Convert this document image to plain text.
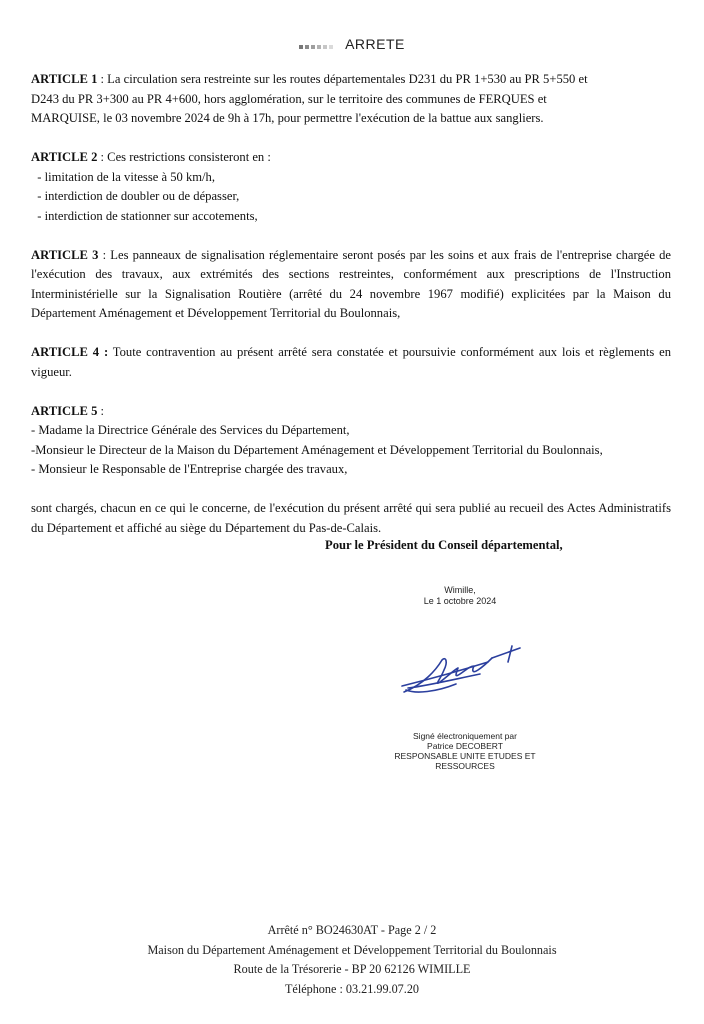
ARRETE

ARTICLE 1 : La circulation sera restreinte sur les routes départementales D231 du PR 1+530 au PR 5+550 et
D243 du PR 3+300 au PR 4+600, hors agglomération, sur le territoire des communes de FERQUES et
MARQUISE, le 03 novembre 2024 de 9h à 17h, pour permettre l'exécution de la battue aux sangliers.

ARTICLE 2 : Ces restrictions consisteront en :
- limitation de la vitesse à 50 km/h,
- interdiction de doubler ou de dépasser,
- interdiction de stationner sur accotements,

ARTICLE 3 : Les panneaux de signalisation réglementaire seront posés par les soins et aux frais de l'entreprise chargée de l'exécution des travaux, aux extrémités des sections restreintes, conformément aux prescriptions de l'Instruction Interministérielle sur la Signalisation Routière (arrêté du 24 novembre 1967 modifié) explicitées par la Maison du Département Aménagement et Développement Territorial du Boulonnais,

ARTICLE 4 : Toute contravention au présent arrêté sera constatée et poursuivie conformément aux lois et règlements en vigueur.

ARTICLE 5 :
- Madame la Directrice Générale des Services du Département,
-Monsieur le Directeur de la Maison du Département Aménagement et Développement Territorial du Boulonnais,
- Monsieur le Responsable de l'Entreprise chargée des travaux,

sont chargés, chacun en ce qui le concerne, de l'exécution du présent arrêté qui sera publié au recueil des Actes Administratifs du Département et affiché au siège du Département du Pas-de-Calais.

Pour le Président du Conseil départemental,
Wimille,
Le 1 octobre 2024
Signé électroniquement par
Patrice DECOBERT
RESPONSABLE UNITE ETUDES ET RESSOURCES
Arrêté n° BO24630AT - Page 2 / 2
Maison du Département Aménagement et Développement Territorial du Boulonnais
Route de la Trésorerie - BP 20 62126 WIMILLE
Téléphone : 03.21.99.07.20
